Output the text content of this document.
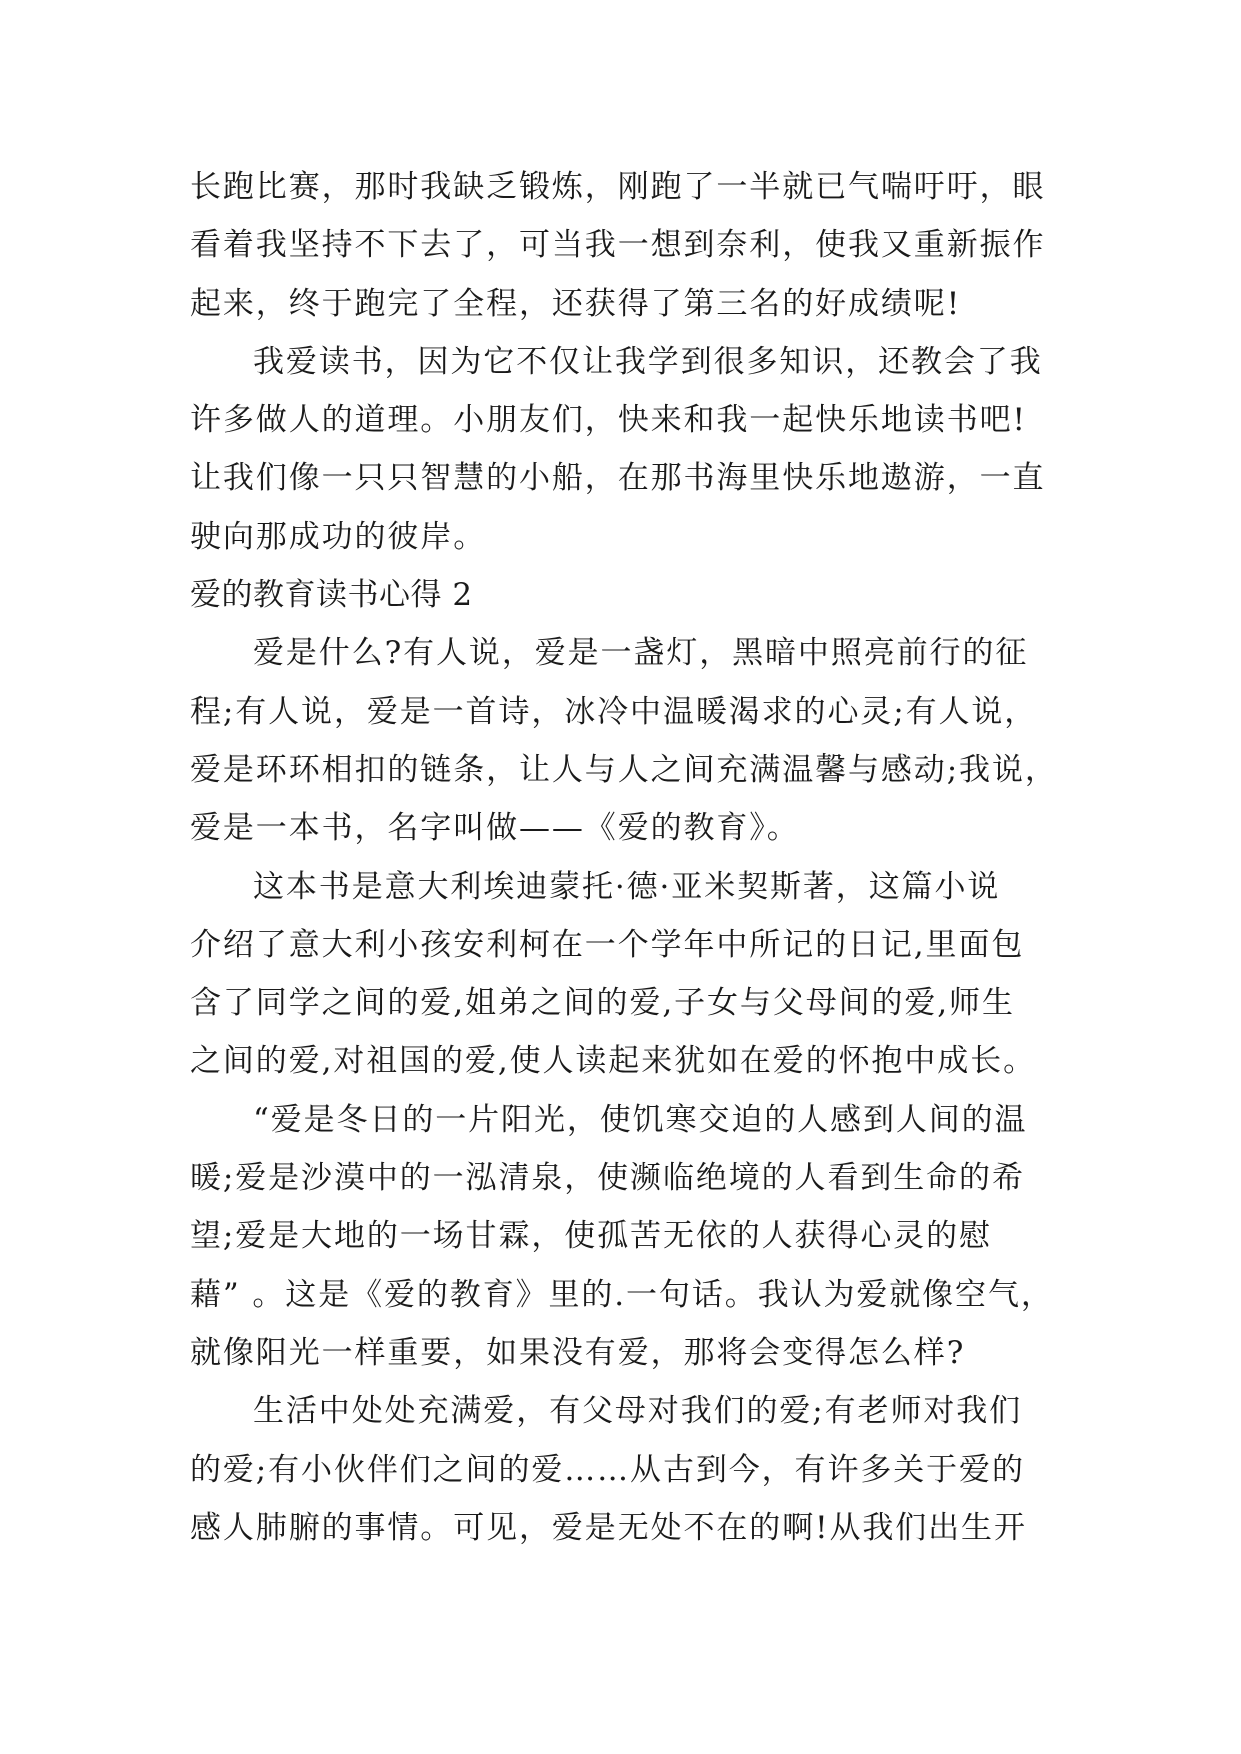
长跑比赛，那时我缺乏锻炼，刚跑了一半就已气喘吁吁，眼
看着我坚持不下去了，可当我一想到奈利，使我又重新振作
起来，终于跑完了全程，还获得了第三名的好成绩呢!
我爱读书，因为它不仅让我学到很多知识，还教会了我
许多做人的道理。小朋友们，快来和我一起快乐地读书吧!
让我们像一只只智慧的小船，在那书海里快乐地遨游，一直
驶向那成功的彼岸。
爱的教育读书心得 2
爱是什么?有人说，爱是一盏灯，黑暗中照亮前行的征
程;有人说，爱是一首诗，冰冷中温暖渴求的心灵;有人说，
爱是环环相扣的链条，让人与人之间充满温馨与感动;我说，
爱是一本书，名字叫做——《爱的教育》。
这本书是意大利埃迪蒙托·德·亚米契斯著，这篇小说
介绍了意大利小孩安利柯在一个学年中所记的日记,里面包
含了同学之间的爱,姐弟之间的爱,子女与父母间的爱,师生
之间的爱,对祖国的爱,使人读起来犹如在爱的怀抱中成长。
“爱是冬日的一片阳光，使饥寒交迫的人感到人间的温
暖;爱是沙漠中的一泓清泉，使濒临绝境的人看到生命的希
望;爱是大地的一场甘霖，使孤苦无依的人获得心灵的慰
藉” 。这是《爱的教育》里的.一句话。我认为爱就像空气，
就像阳光一样重要，如果没有爱，那将会变得怎么样?
生活中处处充满爱，有父母对我们的爱;有老师对我们
的爱;有小伙伴们之间的爱……从古到今，有许多关于爱的
感人肺腑的事情。可见，爱是无处不在的啊!从我们出生开
